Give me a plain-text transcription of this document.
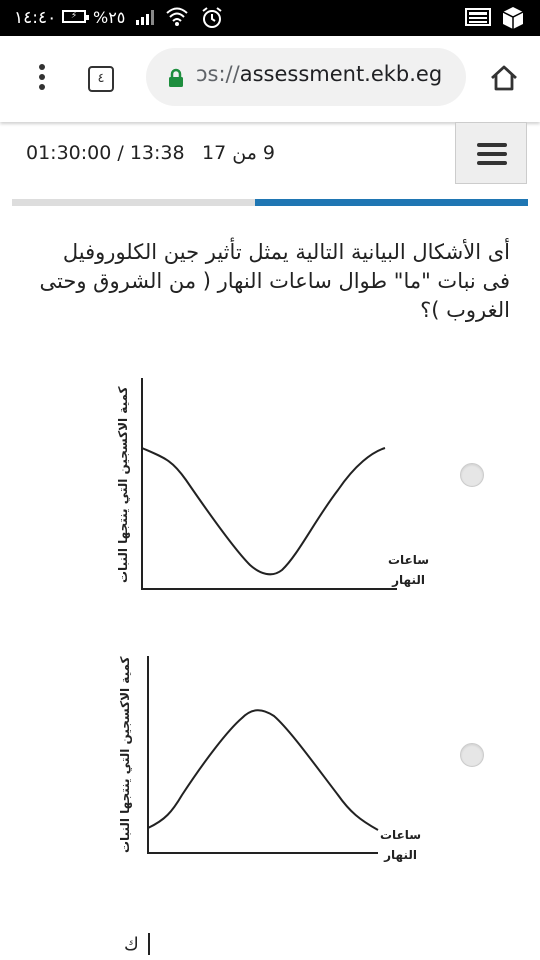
١٤:٤٠	⚡ %٢٥
٤	ɔs://assessment.ekb.eg
01:30:00 / 13:38 9 من 17
أى الأشكال البيانية التالية يمثل تأثير جين الكلوروفيل فى نبات "ما" طوال ساعات النهار ( من الشروق وحتى الغروب )؟
كمية الاكسجين التي ينتجها النبات	ساعات
النهار
كمية الاكسجين التي ينتجها النبات	ساعات
النهار
ك
